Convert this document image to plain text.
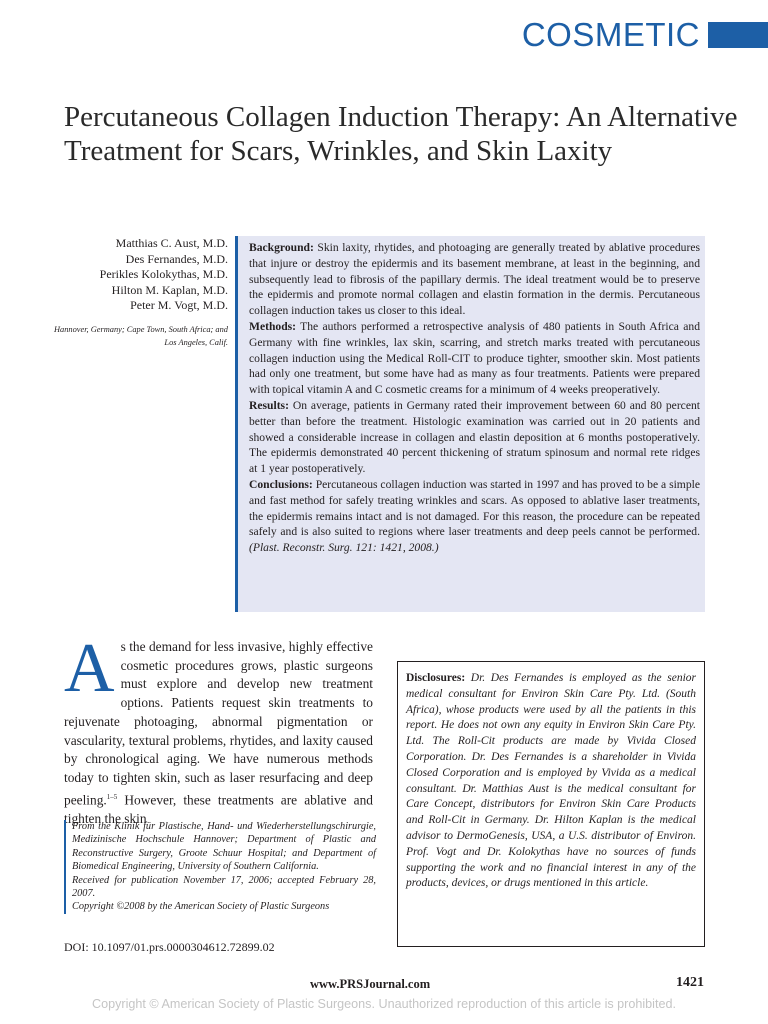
COSMETIC
Percutaneous Collagen Induction Therapy: An Alternative Treatment for Scars, Wrinkles, and Skin Laxity
Matthias C. Aust, M.D.
Des Fernandes, M.D.
Perikles Kolokythas, M.D.
Hilton M. Kaplan, M.D.
Peter M. Vogt, M.D.
Hannover, Germany; Cape Town, South Africa; and Los Angeles, Calif.

Background: Skin laxity, rhytides, and photoaging are generally treated by ablative procedures that injure or destroy the epidermis and its basement membrane, at least in the beginning, and subsequently lead to fibrosis of the papillary dermis. The ideal treatment would be to preserve the epidermis and promote normal collagen and elastin formation in the dermis. Percutaneous collagen induction takes us closer to this ideal.

Methods: The authors performed a retrospective analysis of 480 patients in South Africa and Germany with fine wrinkles, lax skin, scarring, and stretch marks treated with percutaneous collagen induction using the Medical Roll-CIT to produce tighter, smoother skin. Most patients had only one treatment, but some have had as many as four treatments. Patients were prepared with topical vitamin A and C cosmetic creams for a minimum of 4 weeks preoperatively.

Results: On average, patients in Germany rated their improvement between 60 and 80 percent better than before the treatment. Histologic examination was carried out in 20 patients and showed a considerable increase in collagen and elastin deposition at 6 months postoperatively. The epidermis demonstrated 40 percent thickening of stratum spinosum and normal rete ridges at 1 year postoperatively.

Conclusions: Percutaneous collagen induction was started in 1997 and has proved to be a simple and fast method for safely treating wrinkles and scars. As opposed to ablative laser treatments, the epidermis remains intact and is not damaged. For this reason, the procedure can be repeated safely and is also suited to regions where laser treatments and deep peels cannot be performed. (Plast. Reconstr. Surg. 121: 1421, 2008.)

As the demand for less invasive, highly effective cosmetic procedures grows, plastic surgeons must explore and develop new treatment options. Patients request skin treatments to rejuvenate photoaging, abnormal pigmentation or vascularity, textural problems, rhytides, and laxity caused by chronological aging. We have numerous methods today to tighten skin, such as laser resurfacing and deep peeling.$^{1-5}$ However, these treatments are ablative and tighten the skin

From the Klinik für Plastische, Hand- und Wiederherstellungschirurgie, Medizinische Hochschule Hannover; Department of Plastic and Reconstructive Surgery, Groote Schuur Hospital; and Department of Biomedical Engineering, University of Southern California.

Received for publication November 17, 2006; accepted February 28, 2007.

Copyright ©2008 by the American Society of Plastic Surgeons

DOI: 10.1097/01.prs.0000304612.72899.02
Disclosures: Dr. Des Fernandes is employed as the senior medical consultant for Environ Skin Care Pty. Ltd. (South Africa), whose products were used by all the patients in this report. He does not own any equity in Environ Skin Care Pty. Ltd. The Roll-Cit products are made by Vivida Closed Corporation. Dr. Des Fernandes is a shareholder in Vivida Closed Corporation and is employed by Vivida as a medical consultant. Dr. Matthias Aust is the medical consultant for Care Concept, distributors for Environ Skin Care Products and Roll-Cit in Germany. Dr. Hilton Kaplan is the medical advisor to DermoGenesis, USA, a U.S. distributor of Environ. Prof. Vogt and Dr. Kolokythas have no sources of funds supporting the work and no financial interest in any of the products, devices, or drugs mentioned in this article.
www.PRSJournal.com	1421
Copyright © American Society of Plastic Surgeons. Unauthorized reproduction of this article is prohibited.
